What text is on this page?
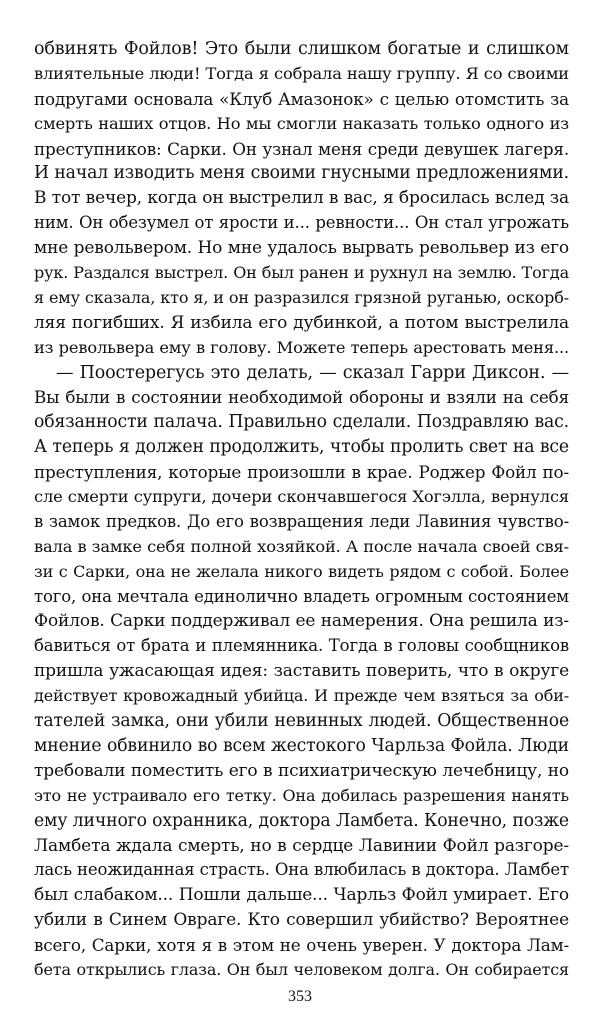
обвинять Фойлов! Это были слишком богатые и слишком
влиятельные люди! Тогда я собрала нашу группу. Я со своими
подругами основала «Клуб Амазонок» с целью отомстить за
смерть наших отцов. Но мы смогли наказать только одного из
преступников: Сарки. Он узнал меня среди девушек лагеря.
И начал изводить меня своими гнусными предложениями.
В тот вечер, когда он выстрелил в вас, я бросилась вслед за
ним. Он обезумел от ярости и... ревности... Он стал угрожать
мне револьвером. Но мне удалось вырвать револьвер из его
рук. Раздался выстрел. Он был ранен и рухнул на землю. Тогда
я ему сказала, кто я, и он разразился грязной руганью, оскорб-
ляя погибших. Я избила его дубинкой, а потом выстрелила
из револьвера ему в голову. Можете теперь арестовать меня...
— Поостерегусь это делать, — сказал Гарри Диксон. —
Вы были в состоянии необходимой обороны и взяли на себя
обязанности палача. Правильно сделали. Поздравляю вас.
А теперь я должен продолжить, чтобы пролить свет на все
преступления, которые произошли в крае. Роджер Фойл по-
сле смерти супруги, дочери скончавшегося Хогэлла, вернулся
в замок предков. До его возвращения леди Лавиния чувство-
вала в замке себя полной хозяйкой. А после начала своей свя-
зи с Сарки, она не желала никого видеть рядом с собой. Более
того, она мечтала единолично владеть огромным состоянием
Фойлов. Сарки поддерживал ее намерения. Она решила из-
бавиться от брата и племянника. Тогда в головы сообщников
пришла ужасающая идея: заставить поверить, что в округе
действует кровожадный убийца. И прежде чем взяться за оби-
тателей замка, они убили невинных людей. Общественное
мнение обвинило во всем жестокого Чарльза Фойла. Люди
требовали поместить его в психиатрическую лечебницу, но
это не устраивало его тетку. Она добилась разрешения нанять
ему личного охранника, доктора Ламбета. Конечно, позже
Ламбета ждала смерть, но в сердце Лавинии Фойл разгоре-
лась неожиданная страсть. Она влюбилась в доктора. Ламбет
был слабаком... Пошли дальше... Чарльз Фойл умирает. Его
убили в Синем Овраге. Кто совершил убийство? Вероятнее
всего, Сарки, хотя я в этом не очень уверен. У доктора Лам-
бета открылись глаза. Он был человеком долга. Он собирается
353
